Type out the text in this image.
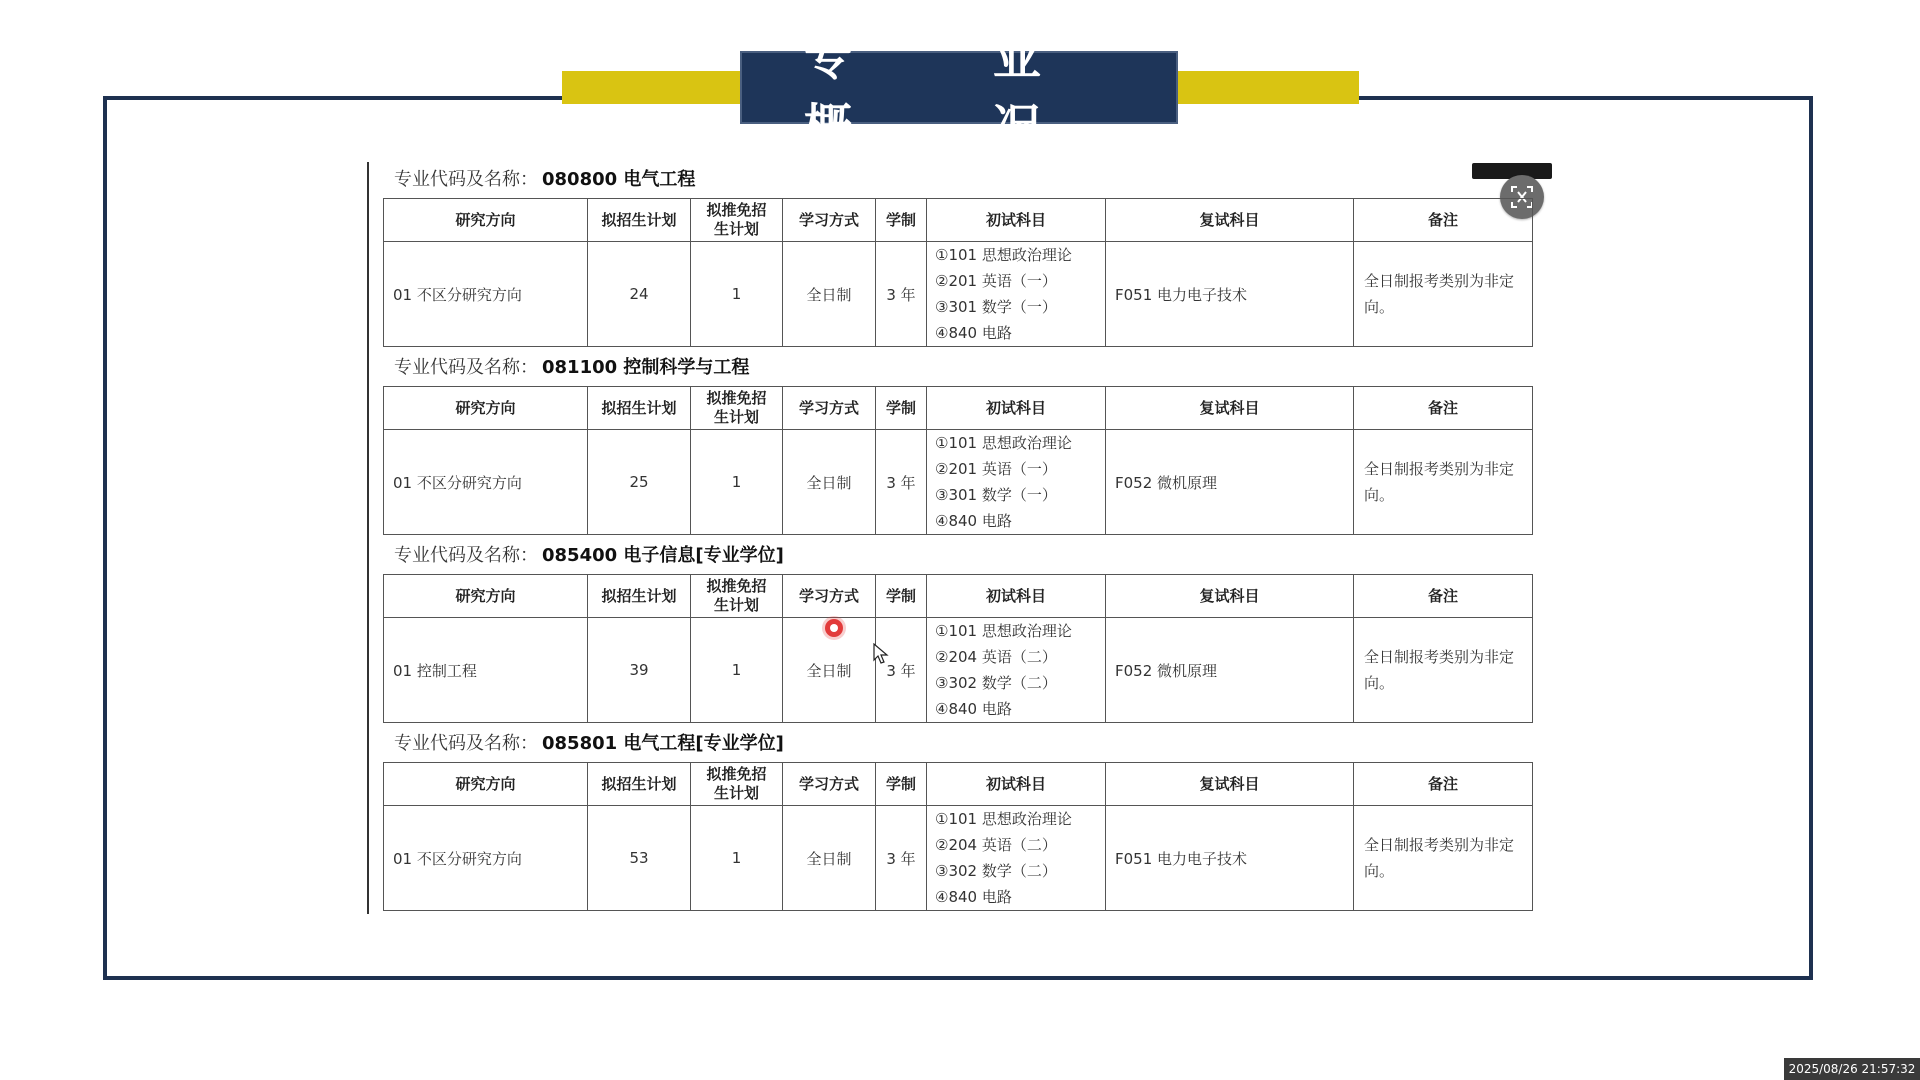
专 业 概 况
专业代码及名称： 080800 电气工程
研究方向	拟招生计划	拟推免招
生计划	学习方式	学制	初试科目	复试科目	备注
01 不区分研究方向	24	1	全日制	3 年	①101 思想政治理论
②201 英语（一）
③301 数学（一）
④840 电路	F051 电力电子技术	全日制报考类别为非定向。
专业代码及名称： 081100 控制科学与工程
研究方向	拟招生计划	拟推免招
生计划	学习方式	学制	初试科目	复试科目	备注
01 不区分研究方向	25	1	全日制	3 年	①101 思想政治理论
②201 英语（一）
③301 数学（一）
④840 电路	F052 微机原理	全日制报考类别为非定向。
专业代码及名称： 085400 电子信息[专业学位]
研究方向	拟招生计划	拟推免招
生计划	学习方式	学制	初试科目	复试科目	备注
01 控制工程	39	1	全日制	3 年	①101 思想政治理论
②204 英语（二）
③302 数学（二）
④840 电路	F052 微机原理	全日制报考类别为非定向。
专业代码及名称： 085801 电气工程[专业学位]
研究方向	拟招生计划	拟推免招
生计划	学习方式	学制	初试科目	复试科目	备注
01 不区分研究方向	53	1	全日制	3 年	①101 思想政治理论
②204 英语（二）
③302 数学（二）
④840 电路	F051 电力电子技术	全日制报考类别为非定向。
2025/08/26 21:57:32
